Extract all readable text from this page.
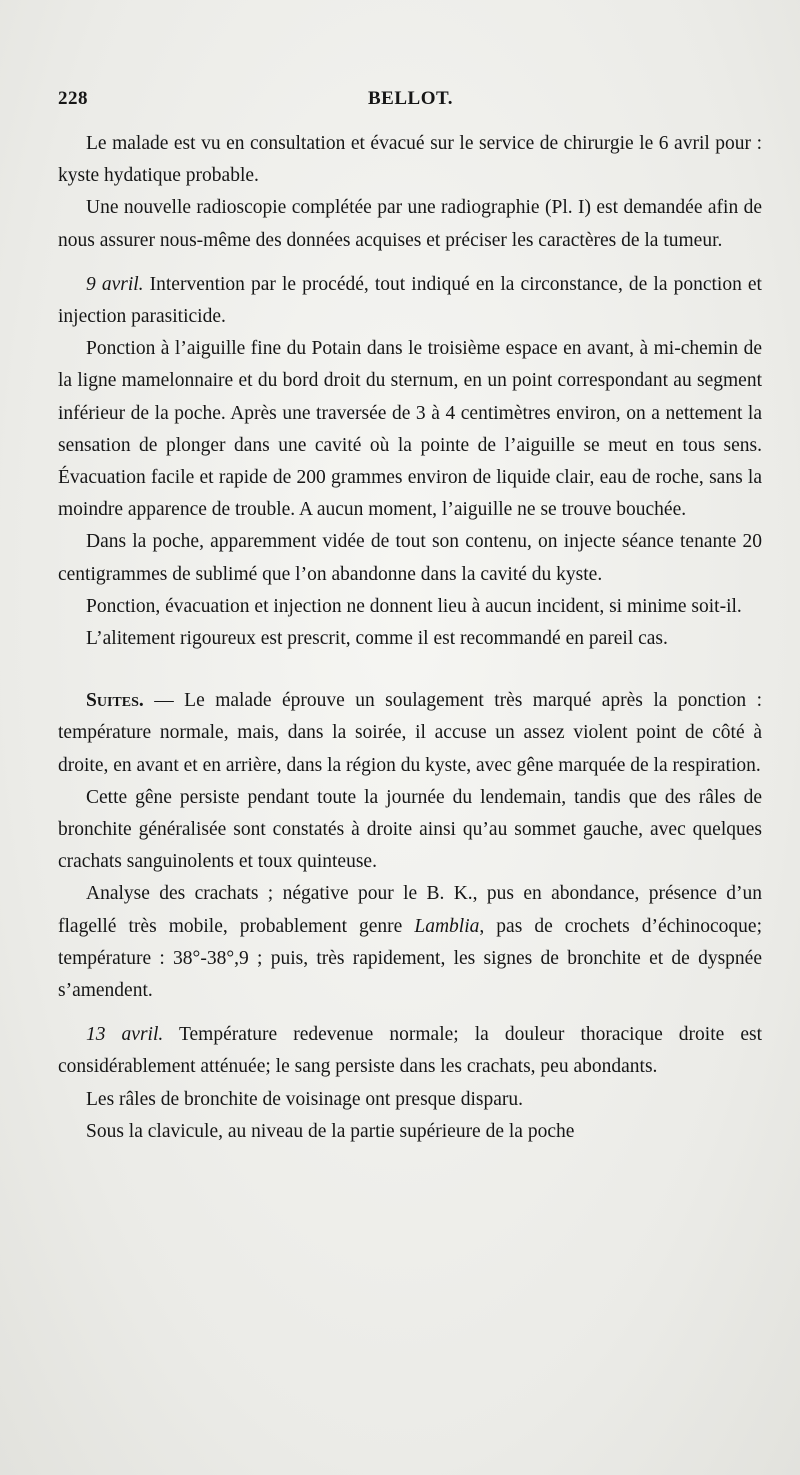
228	BELLOT.

Le malade est vu en consultation et évacué sur le service de chirurgie le 6 avril pour : kyste hydatique probable.

Une nouvelle radioscopie complétée par une radiographie (Pl. I) est demandée afin de nous assurer nous-même des données acquises et préciser les caractères de la tumeur.

9 avril. Intervention par le procédé, tout indiqué en la circonstance, de la ponction et injection parasiticide.

Ponction à l’aiguille fine du Potain dans le troisième espace en avant, à mi-chemin de la ligne mamelonnaire et du bord droit du sternum, en un point correspondant au segment inférieur de la poche. Après une traversée de 3 à 4 centimètres environ, on a nettement la sensation de plonger dans une cavité où la pointe de l’aiguille se meut en tous sens. Évacuation facile et rapide de 200 grammes environ de liquide clair, eau de roche, sans la moindre apparence de trouble. A aucun moment, l’aiguille ne se trouve bouchée.

Dans la poche, apparemment vidée de tout son contenu, on injecte séance tenante 20 centigrammes de sublimé que l’on abandonne dans la cavité du kyste.

Ponction, évacuation et injection ne donnent lieu à aucun incident, si minime soit-il.

L’alitement rigoureux est prescrit, comme il est recommandé en pareil cas.

Suites. — Le malade éprouve un soulagement très marqué après la ponction : température normale, mais, dans la soirée, il accuse un assez violent point de côté à droite, en avant et en arrière, dans la région du kyste, avec gêne marquée de la respiration.

Cette gêne persiste pendant toute la journée du lendemain, tandis que des râles de bronchite généralisée sont constatés à droite ainsi qu’au sommet gauche, avec quelques crachats sanguinolents et toux quinteuse.

Analyse des crachats ; négative pour le B. K., pus en abondance, présence d’un flagellé très mobile, probablement genre Lamblia, pas de crochets d’échinocoque; température : 38°-38°,9 ; puis, très rapidement, les signes de bronchite et de dyspnée s’amendent.

13 avril. Température redevenue normale; la douleur thoracique droite est considérablement atténuée; le sang persiste dans les crachats, peu abondants.

Les râles de bronchite de voisinage ont presque disparu.

Sous la clavicule, au niveau de la partie supérieure de la poche
